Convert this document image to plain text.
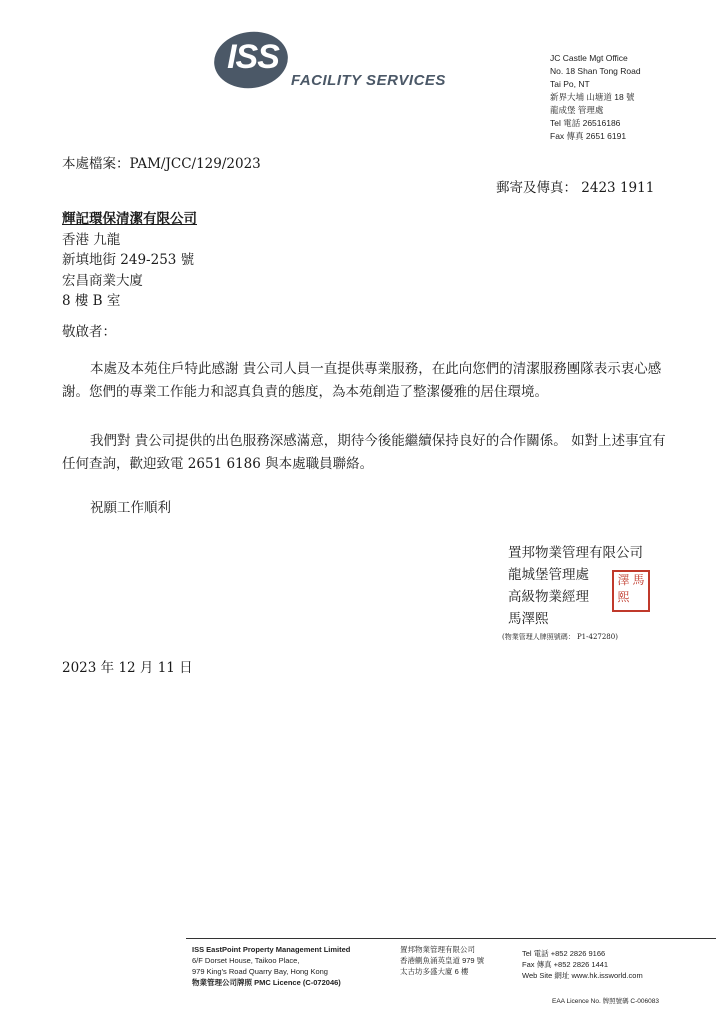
ISS
FACILITY SERVICES
JC Castle Mgt Office
No. 18 Shan Tong Road
Tai Po, NT
新界大埔 山塘道 18 號
龍成堡 管理處
Tel 電話 26516186
Fax 傳真 2651 6191
本處檔案：PAM/JCC/129/2023
郵寄及傳真： 2423 1911
輝記環保清潔有限公司
香港 九龍
新填地街 249-253 號
宏昌商業大廈
8 樓 B 室
敬啟者：
本處及本苑住戶特此感謝 貴公司人員一直提供專業服務，在此向您們的清潔服務團隊表示衷心感謝。您們的專業工作能力和認真負責的態度，為本苑創造了整潔優雅的居住環境。
我們對 貴公司提供的出色服務深感滿意，期待今後能繼續保持良好的合作關係。 如對上述事宜有任何查詢，歡迎致電 2651 6186 與本處職員聯絡。
祝願工作順利
置邦物業管理有限公司
龍城堡管理處
高級物業經理
馬澤熙
(物業管理人牌照號碼： P1-427280)
澤 馬
熙
2023 年 12 月 11 日
ISS EastPoint Property Management Limited
6/F Dorset House, Taikoo Place,
979 King's Road Quarry Bay, Hong Kong
物業管理公司牌照 PMC Licence (C-072046)
置邦物業管理有限公司
香港鰂魚涌英皇道 979 號
太古坊多盛大廈 6 樓
Tel 電話 +852 2826 9166
Fax 傳真 +852 2826 1441
Web Site 網址 www.hk.issworld.com
EAA Licence No. 牌照號碼 C-006083
